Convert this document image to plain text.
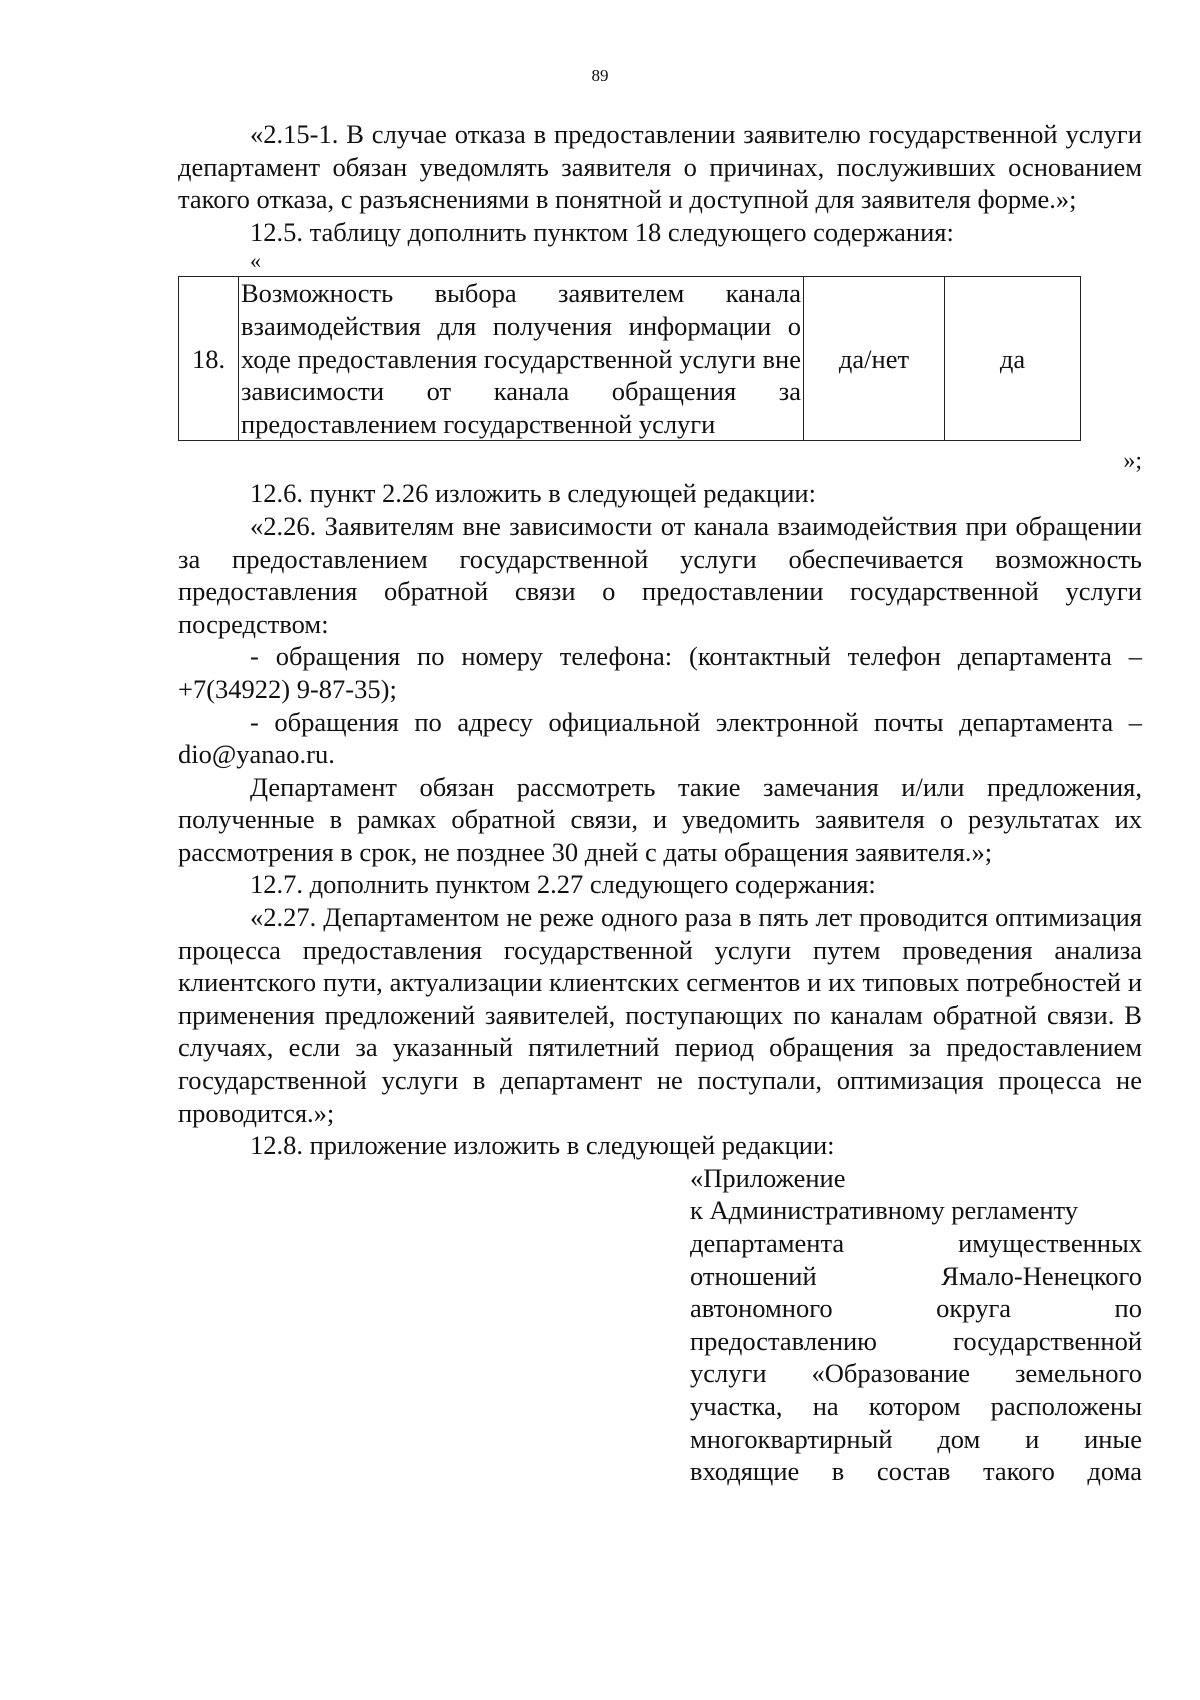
89

«2.15-1. В случае отказа в предоставлении заявителю государственной услуги департамент обязан уведомлять заявителя о причинах, послуживших основанием такого отказа, с разъяснениями в понятной и доступной для заявителя форме.»;

12.5. таблицу дополнить пунктом 18 следующего содержания:

«

18.	Возможность выбора заявителем канала взаимодействия для получения информации о ходе предоставления государственной услуги вне зависимости от канала обращения за предоставлением государственной услуги	да/нет	да

»;

12.6. пункт 2.26 изложить в следующей редакции:

«2.26. Заявителям вне зависимости от канала взаимодействия при обращении за предоставлением государственной услуги обеспечивается возможность предоставления обратной связи о предоставлении государственной услуги посредством:

- обращения по номеру телефона: (контактный телефон департамента – +7(34922) 9-87-35);

- обращения по адресу официальной электронной почты департамента – dio@yanao.ru.

Департамент обязан рассмотреть такие замечания и/или предложения, полученные в рамках обратной связи, и уведомить заявителя о результатах их рассмотрения в срок, не позднее 30 дней с даты обращения заявителя.»;

12.7. дополнить пунктом 2.27 следующего содержания:

«2.27. Департаментом не реже одного раза в пять лет проводится оптимизация процесса предоставления государственной услуги путем проведения анализа клиентского пути, актуализации клиентских сегментов и их типовых потребностей и применения предложений заявителей, поступающих по каналам обратной связи. В случаях, если за указанный пятилетний период обращения за предоставлением государственной услуги в департамент не поступали, оптимизация процесса не проводится.»;

12.8. приложение изложить в следующей редакции:

«Приложение

к Административному регламенту

департамента имущественных

отношений Ямало-Ненецкого

автономного округа по

предоставлению государственной

услуги «Образование земельного

участка, на котором расположены

многоквартирный дом и иные

входящие в состав такого дома
